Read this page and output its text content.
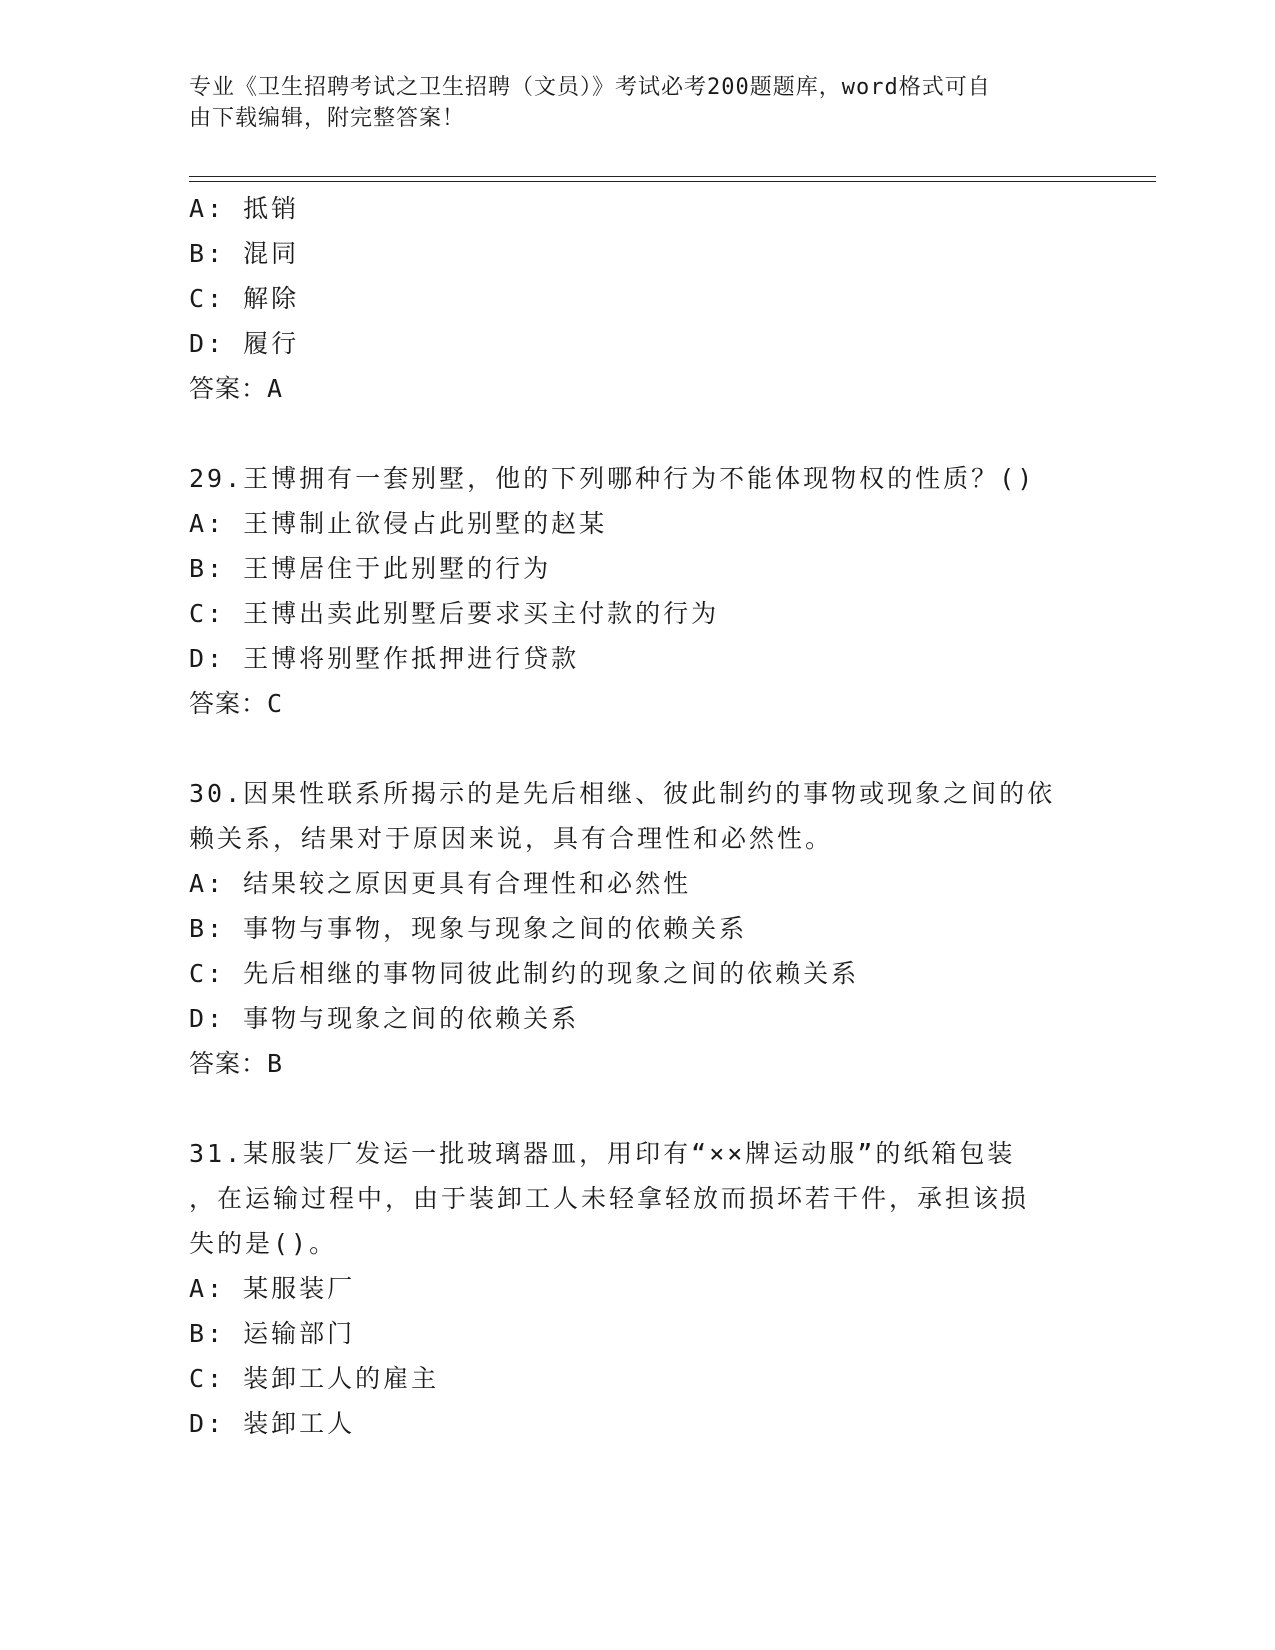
专业《卫生招聘考试之卫生招聘（文员）》考试必考200题题库，word格式可自
由下载编辑，附完整答案！
A: 抵销
B: 混同
C: 解除
D: 履行
答案：A
29.王博拥有一套别墅，他的下列哪种行为不能体现物权的性质？()
A: 王博制止欲侵占此别墅的赵某
B: 王博居住于此别墅的行为
C: 王博出卖此别墅后要求买主付款的行为
D: 王博将别墅作抵押进行贷款
答案：C
30.因果性联系所揭示的是先后相继、彼此制约的事物或现象之间的依
赖关系，结果对于原因来说，具有合理性和必然性。
A: 结果较之原因更具有合理性和必然性
B: 事物与事物，现象与现象之间的依赖关系
C: 先后相继的事物同彼此制约的现象之间的依赖关系
D: 事物与现象之间的依赖关系
答案：B
31.某服装厂发运一批玻璃器皿，用印有“××牌运动服”的纸箱包装
，在运输过程中，由于装卸工人未轻拿轻放而损坏若干件，承担该损
失的是()。
A: 某服装厂
B: 运输部门
C: 装卸工人的雇主
D: 装卸工人
